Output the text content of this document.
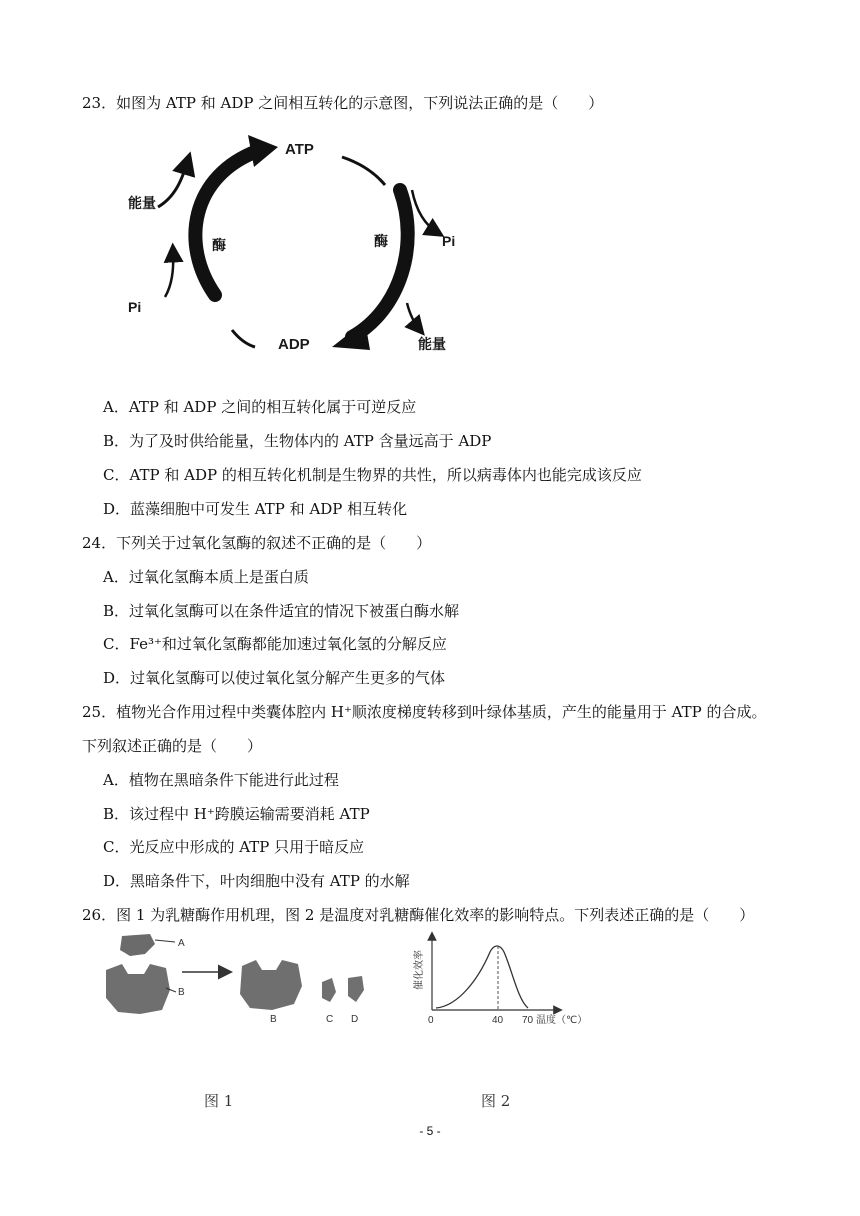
23．如图为 ATP 和 ADP 之间相互转化的示意图，下列说法正确的是（　　）
ATP
ADP
能量
Pi
Pi
能量
酶	酶
A．ATP 和 ADP 之间的相互转化属于可逆反应
B．为了及时供给能量，生物体内的 ATP 含量远高于 ADP
C．ATP 和 ADP 的相互转化机制是生物界的共性，所以病毒体内也能完成该反应
D．蓝藻细胞中可发生 ATP 和 ADP 相互转化
24．下列关于过氧化氢酶的叙述不正确的是（　　）
A．过氧化氢酶本质上是蛋白质
B．过氧化氢酶可以在条件适宜的情况下被蛋白酶水解
C．Fe³⁺和过氧化氢酶都能加速过氧化氢的分解反应
D．过氧化氢酶可以使过氧化氢分解产生更多的气体
25．植物光合作用过程中类囊体腔内 H⁺顺浓度梯度转移到叶绿体基质，产生的能量用于 ATP 的合成。
下列叙述正确的是（　　）
A．植物在黑暗条件下能进行此过程
B．该过程中 H⁺跨膜运输需要消耗 ATP
C．光反应中形成的 ATP 只用于暗反应
D．黑暗条件下，叶肉细胞中没有 ATP 的水解
26．图 1 为乳糖酶作用机理，图 2 是温度对乳糖酶催化效率的影响特点。下列表述正确的是（　　）
A
B
B	C D	0	40 70 温度（℃）
催化效率
图 1	图 2
- 5 -
